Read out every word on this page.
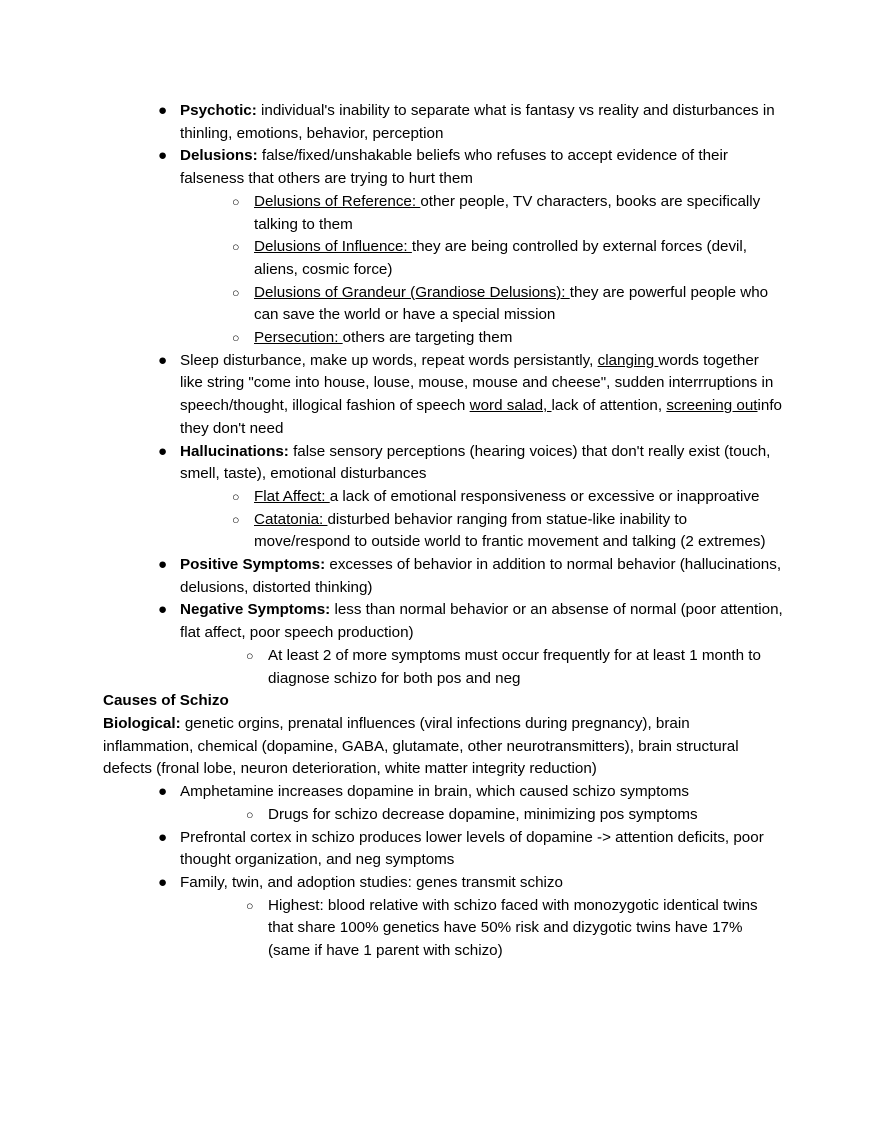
● Psychotic: individual's inability to separate what is fantasy vs reality and disturbances in thinling, emotions, behavior, perception
● Delusions: false/fixed/unshakable beliefs who refuses to accept evidence of their falseness that others are trying to hurt them
○ Delusions of Reference: other people, TV characters, books are specifically talking to them
○ Delusions of Influence: they are being controlled by external forces (devil, aliens, cosmic force)
○ Delusions of Grandeur (Grandiose Delusions): they are powerful people who can save the world or have a special mission
○ Persecution: others are targeting them
● Sleep disturbance, make up words, repeat words persistantly, clanging words together like string "come into house, louse, mouse, mouse and cheese", sudden interrruptions in speech/thought, illogical fashion of speech word salad, lack of attention, screening outinfo they don't need
● Hallucinations: false sensory perceptions (hearing voices) that don't really exist (touch, smell, taste), emotional disturbances
○ Flat Affect: a lack of emotional responsiveness or excessive or inapproative
○ Catatonia: disturbed behavior ranging from statue-like inability to move/respond to outside world to frantic movement and talking (2 extremes)
● Positive Symptoms: excesses of behavior in addition to normal behavior (hallucinations, delusions, distorted thinking)
● Negative Symptoms: less than normal behavior or an absense of normal (poor attention, flat affect, poor speech production)
○ At least 2 of more symptoms must occur frequently for at least 1 month to diagnose schizo for both pos and neg

Causes of Schizo

Biological: genetic orgins, prenatal influences (viral infections during pregnancy), brain inflammation, chemical (dopamine, GABA, glutamate, other neurotransmitters), brain structural defects (fronal lobe, neuron deterioration, white matter integrity reduction)

● Amphetamine increases dopamine in brain, which caused schizo symptoms
○ Drugs for schizo decrease dopamine, minimizing pos symptoms
● Prefrontal cortex in schizo produces lower levels of dopamine -> attention deficits, poor thought organization, and neg symptoms
● Family, twin, and adoption studies: genes transmit schizo
○ Highest: blood relative with schizo faced with monozygotic identical twins that share 100% genetics have 50% risk and dizygotic twins have 17% (same if have 1 parent with schizo)
